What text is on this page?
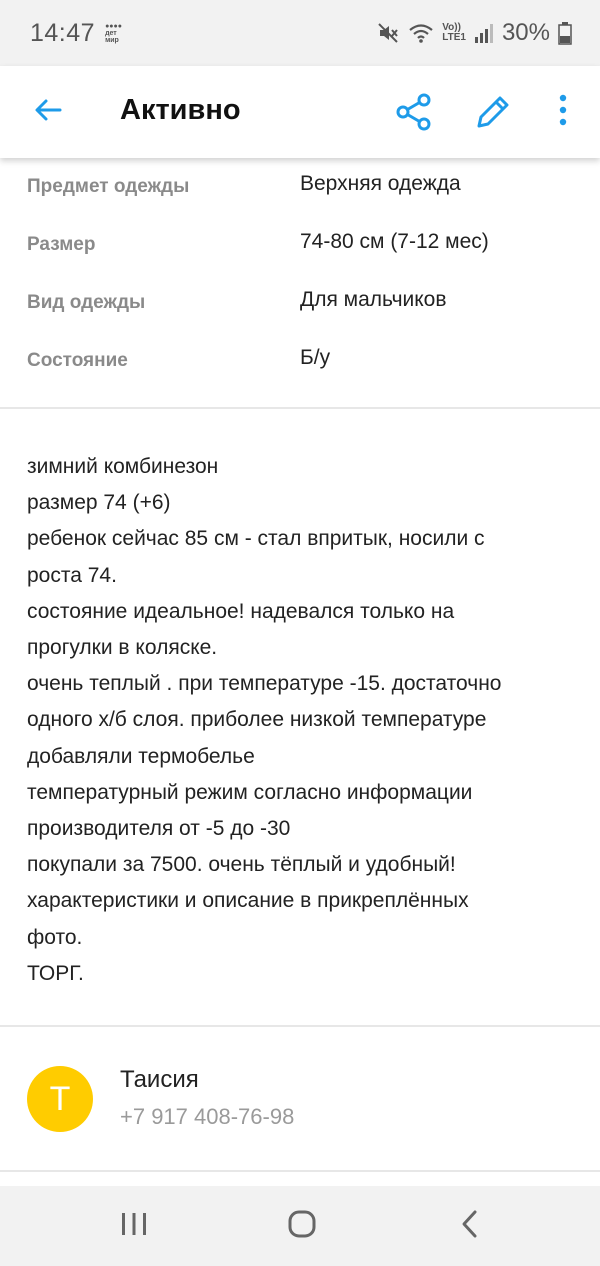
14:47 ●●●●
дет
мир
Vo))
LTE1 30%
Активно
Предмет одежды	Верхняя одежда
Размер	74-80 см (7-12 мес)
Вид одежды	Для мальчиков
Состояние	Б/у
зимний комбинезон
размер 74 (+6)
ребенок сейчас 85 см - стал впритык, носили с
роста 74.
состояние идеальное! надевался только на
прогулки в коляске.
очень теплый . при температуре -15. достаточно
одного х/б слоя. приболее низкой температуре
добавляли термобелье
температурный режим согласно информации
производителя от -5 до -30
покупали за 7500. очень тёплый и удобный!
характеристики и описание в прикреплённых
фото.
ТОРГ.
Т	Таисия
+7 917 408-76-98
